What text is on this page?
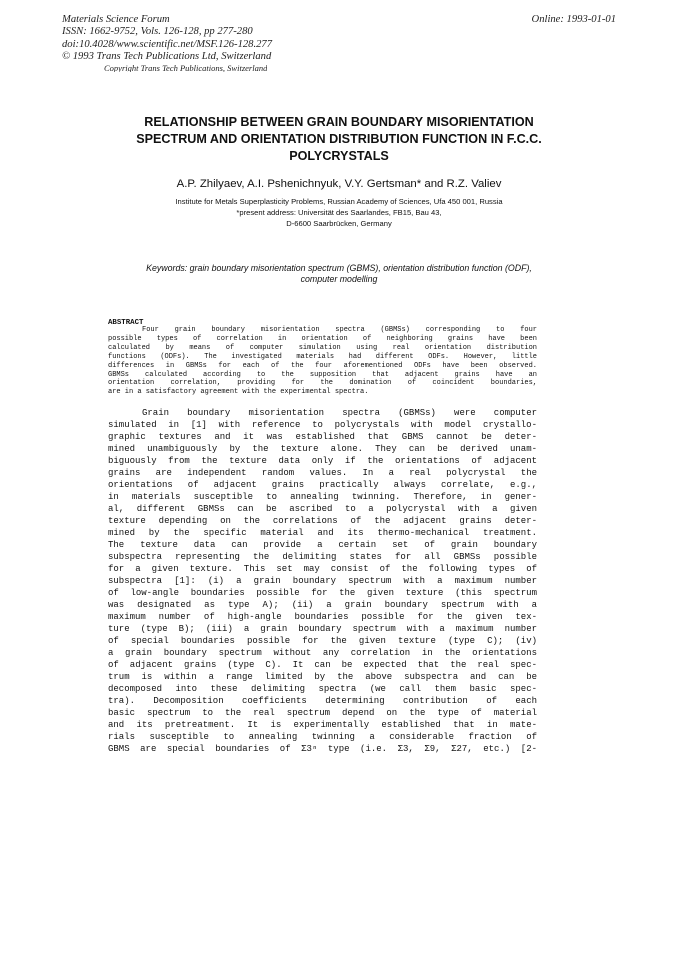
Materials Science Forum
ISSN: 1662-9752, Vols. 126-128, pp 277-280
doi:10.4028/www.scientific.net/MSF.126-128.277
© 1993 Trans Tech Publications Ltd, Switzerland
Online: 1993-01-01
Copyright Trans Tech Publications, Switzerland
RELATIONSHIP BETWEEN GRAIN BOUNDARY MISORIENTATION
SPECTRUM AND ORIENTATION DISTRIBUTION FUNCTION IN F.C.C.
POLYCRYSTALS
A.P. Zhilyaev, A.I. Pshenichnyuk, V.Y. Gertsman* and R.Z. Valiev
Institute for Metals Superplasticity Problems, Russian Academy of Sciences, Ufa 450 001, Russia
*present address: Universität des Saarlandes, FB15, Bau 43,
D-6600 Saarbrücken, Germany
Keywords: grain boundary misorientation spectrum (GBMS), orientation distribution function (ODF),
computer modelling
ABSTRACT
Four grain boundary misorientation spectra (GBMSs) corresponding to four
possible types of correlation in orientation of neighboring grains have been
calculated by means of computer simulation using real orientation distribution
functions (ODFs). The investigated materials had different ODFs. However, little
differences in GBMSs for each of the four aforementioned ODFs have been observed.
GBMSs calculated according to the supposition that adjacent grains have an
orientation correlation, providing for the domination of coincident boundaries,
are in a satisfactory agreement with the experimental spectra.
Grain boundary misorientation spectra (GBMSs) were computer
simulated in [1] with reference to polycrystals with model crystallo-
graphic textures and it was established that GBMS cannot be deter-
mined unambiguously by the texture alone. They can be derived unam-
biguously from the texture data only if the orientations of adjacent
grains are independent random values. In a real polycrystal the
orientations of adjacent grains practically always correlate, e.g.,
in materials susceptible to annealing twinning. Therefore, in gener-
al, different GBMSs can be ascribed to a polycrystal with a given
texture depending on the correlations of the adjacent grains deter-
mined by the specific material and its thermo-mechanical treatment.
The texture data can provide a certain set of grain boundary
subspectra representing the delimiting states for all GBMSs possible
for a given texture. This set may consist of the following types of
subspectra [1]: (i) a grain boundary spectrum with a maximum number
of low-angle boundaries possible for the given texture (this spectrum
was designated as type A); (ii) a grain boundary spectrum with a
maximum number of high-angle boundaries possible for the given tex-
ture (type B); (iii) a grain boundary spectrum with a maximum number
of special boundaries possible for the given texture (type C); (iv)
a grain boundary spectrum without any correlation in the orientations
of adjacent grains (type C). It can be expected that the real spec-
trum is within a range limited by the above subspectra and can be
decomposed into these delimiting spectra (we call them basic spec-
tra). Decomposition coefficients determining contribution of each
basic spectrum to the real spectrum depend on the type of material
and its pretreatment. It is experimentally established that in mate-
rials susceptible to annealing twinning a considerable fraction of
GBMS are special boundaries of Σ3ⁿ type (i.e. Σ3, Σ9, Σ27, etc.) [2-
